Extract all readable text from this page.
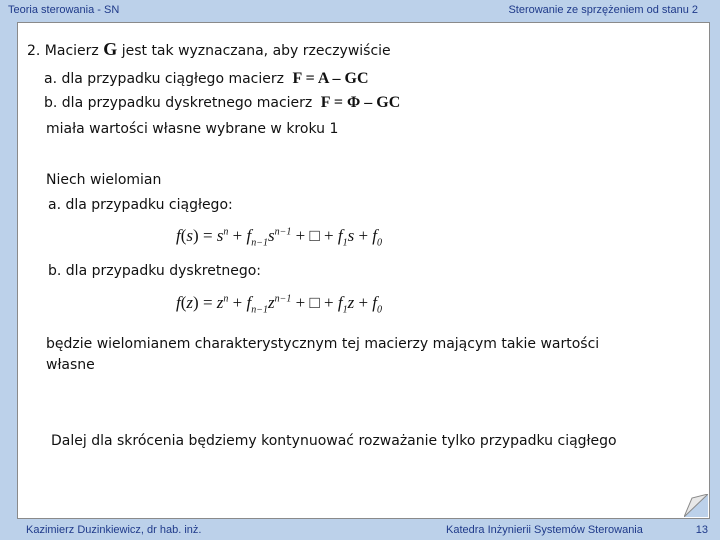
Teoria sterowania - SN	Sterowanie ze sprzężeniem od stanu 2
2. Macierz G jest tak wyznaczana, aby rzeczywiście
a. dla przypadku ciągłego macierz F = A – GC
b. dla przypadku dyskretnego macierz F = Φ – GC
miała wartości własne wybrane w kroku 1
Niech wielomian
a. dla przypadku ciągłego:
$f(s) = s^n + f_{n-1}s^{n-1}$ + □ + $f_1s + f_0$
b. dla przypadku dyskretnego:
$f(z) = z^n + f_{n-1}z^{n-1}$ + □ + $f_1z + f_0$
będzie wielomianem charakterystycznym tej macierzy mającym takie wartości
własne
Dalej dla skrócenia będziemy kontynuować rozważanie tylko przypadku ciągłego
Kazimierz Duzinkiewicz, dr hab. inż.	Katedra Inżynierii Systemów Sterowania	13
